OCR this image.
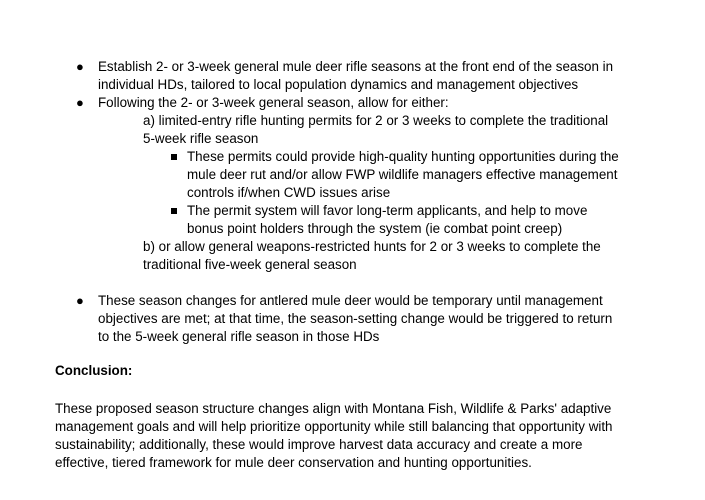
● Establish 2- or 3-week general mule deer rifle seasons at the front end of the season in
individual HDs, tailored to local population dynamics and management objectives
● Following the 2- or 3-week general season, allow for either:
a) limited-entry rifle hunting permits for 2 or 3 weeks to complete the traditional
5-week rifle season
These permits could provide high-quality hunting opportunities during the
mule deer rut and/or allow FWP wildlife managers effective management
controls if/when CWD issues arise
The permit system will favor long-term applicants, and help to move
bonus point holders through the system (ie combat point creep)
b) or allow general weapons-restricted hunts for 2 or 3 weeks to complete the
traditional five-week general season
● These season changes for antlered mule deer would be temporary until management
objectives are met; at that time, the season-setting change would be triggered to return
to the 5-week general rifle season in those HDs
Conclusion:
These proposed season structure changes align with Montana Fish, Wildlife & Parks' adaptive
management goals and will help prioritize opportunity while still balancing that opportunity with
sustainability; additionally, these would improve harvest data accuracy and create a more
effective, tiered framework for mule deer conservation and hunting opportunities.
